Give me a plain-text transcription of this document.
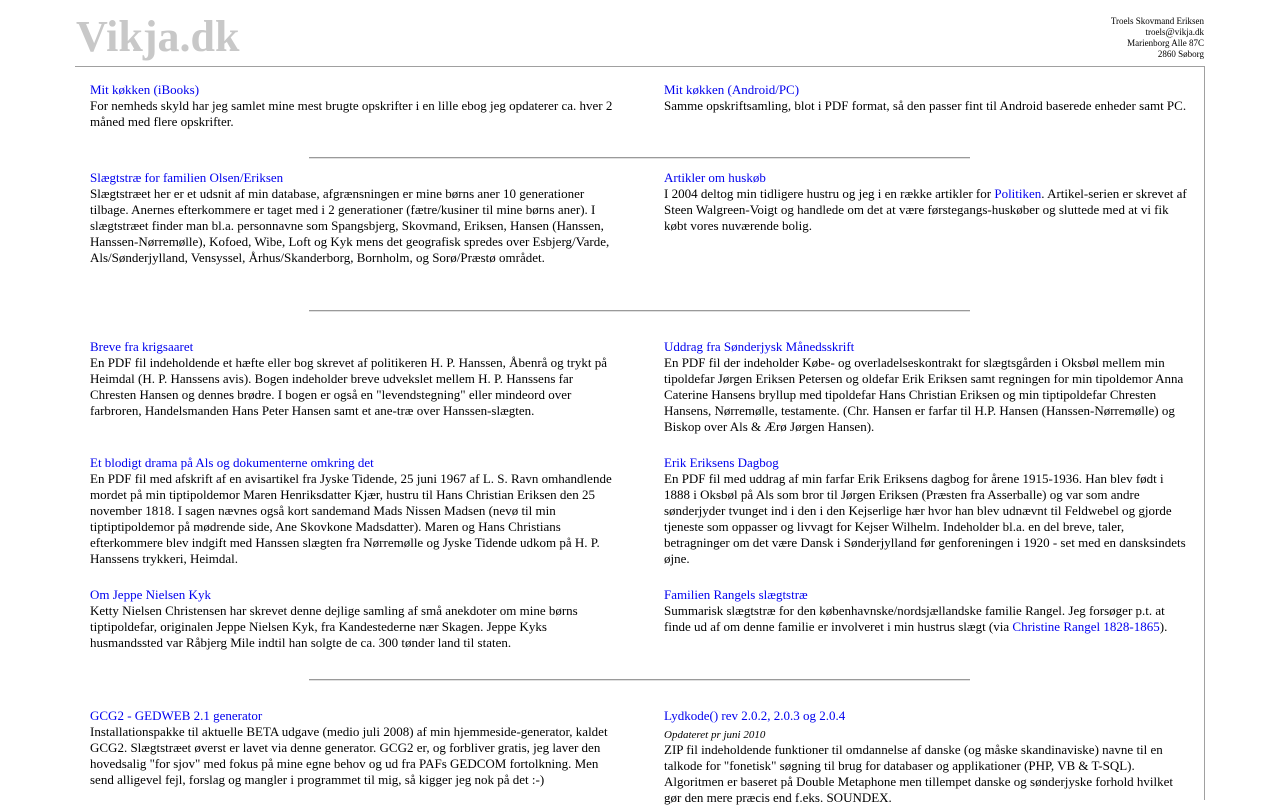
Vikja.dk	Troels Skovmand Eriksen
troels@vikja.dk
Marienborg Alle 87C
2860 Søborg
Mit køkken (iBooks)

For nemheds skyld har jeg samlet mine mest brugte opskrifter i en lille ebog jeg opdaterer ca. hver 2 måned med flere opskrifter.

Mit køkken (Android/PC)

Samme opskriftsamling, blot i PDF format, så den passer fint til Android baserede enheder samt PC.

Slægtstræ for familien Olsen/Eriksen

Slægtstræet her er et udsnit af min database, afgrænsningen er mine børns aner 10 generationer tilbage. Anernes efterkommere er taget med i 2 generationer (fætre/kusiner til mine børns aner). I slægtstræet finder man bl.a. personnavne som Spangsbjerg, Skovmand, Eriksen, Hansen (Hanssen, Hanssen-Nørremølle), Kofoed, Wibe, Loft og Kyk mens det geografisk spredes over Esbjerg/Varde, Als/Sønderjylland, Vensyssel, Århus/Skanderborg, Bornholm, og Sorø/Præstø området.

Artikler om huskøb

I 2004 deltog min tidligere hustru og jeg i en række artikler for Politiken. Artikel-serien er skrevet af Steen Walgreen-Voigt og handlede om det at være førstegangs-huskøber og sluttede med at vi fik købt vores nuværende bolig.

Breve fra krigsaaret

En PDF fil indeholdende et hæfte eller bog skrevet af politikeren H. P. Hanssen, Åbenrå og trykt på Heimdal (H. P. Hanssens avis). Bogen indeholder breve udvekslet mellem H. P. Hanssens far Chresten Hansen og dennes brødre. I bogen er også en "levendstegning" eller mindeord over farbroren, Handelsmanden Hans Peter Hansen samt et ane-træ over Hanssen-slægten.

Uddrag fra Sønderjysk Månedsskrift

En PDF fil der indeholder Købe- og overladelseskontrakt for slægtsgården i Oksbøl mellem min tipoldefar Jørgen Eriksen Petersen og oldefar Erik Eriksen samt regningen for min tipoldemor Anna Caterine Hansens bryllup med tipoldefar Hans Christian Eriksen og min tiptipoldefar Chresten Hansens, Nørremølle, testamente. (Chr. Hansen er farfar til H.P. Hansen (Hanssen-Nørremølle) og Biskop over Als & Ærø Jørgen Hansen).

Et blodigt drama på Als og dokumenterne omkring det

En PDF fil med afskrift af en avisartikel fra Jyske Tidende, 25 juni 1967 af L. S. Ravn omhandlende mordet på min tiptipoldemor Maren Henriksdatter Kjær, hustru til Hans Christian Eriksen den 25 november 1818. I sagen nævnes også kort sandemand Mads Nissen Madsen (nevø til min tiptiptipoldemor på mødrende side, Ane Skovkone Madsdatter). Maren og Hans Christians efterkommere blev indgift med Hanssen slægten fra Nørremølle og Jyske Tidende udkom på H. P. Hanssens trykkeri, Heimdal.

Erik Eriksens Dagbog

En PDF fil med uddrag af min farfar Erik Eriksens dagbog for årene 1915-1936. Han blev født i 1888 i Oksbøl på Als som bror til Jørgen Eriksen (Præsten fra Asserballe) og var som andre sønderjyder tvunget ind i den i den Kejserlige hær hvor han blev udnævnt til Feldwebel og gjorde tjeneste som oppasser og livvagt for Kejser Wilhelm. Indeholder bl.a. en del breve, taler, betragninger om det være Dansk i Sønderjylland før genforeningen i 1920 - set med en dansksindets øjne.

Om Jeppe Nielsen Kyk

Ketty Nielsen Christensen har skrevet denne dejlige samling af små anekdoter om mine børns tiptipoldefar, originalen Jeppe Nielsen Kyk, fra Kandestederne nær Skagen. Jeppe Kyks husmandssted var Råbjerg Mile indtil han solgte de ca. 300 tønder land til staten.

Familien Rangels slægtstræ

Summarisk slægtstræ for den københavnske/nordsjællandske familie Rangel. Jeg forsøger p.t. at finde ud af om denne familie er involveret i min hustrus slægt (via Christine Rangel 1828-1865).

GCG2 - GEDWEB 2.1 generator

Installationspakke til aktuelle BETA udgave (medio juli 2008) af min hjemmeside-generator, kaldet GCG2. Slægtstræet øverst er lavet via denne generator. GCG2 er, og forbliver gratis, jeg laver den hovedsalig "for sjov" med fokus på mine egne behov og ud fra PAFs GEDCOM fortolkning. Men send alligevel fejl, forslag og mangler i programmet til mig, så kigger jeg nok på det :-)

Lydkode() rev 2.0.2, 2.0.3 og 2.0.4
Opdateret pr juni 2010

ZIP fil indeholdende funktioner til omdannelse af danske (og måske skandinaviske) navne til en talkode for "fonetisk" søgning til brug for databaser og applikationer (PHP, VB & T-SQL). Algoritmen er baseret på Double Metaphone men tillempet danske og sønderjyske forhold hvilket gør den mere præcis end f.eks. SOUNDEX.
